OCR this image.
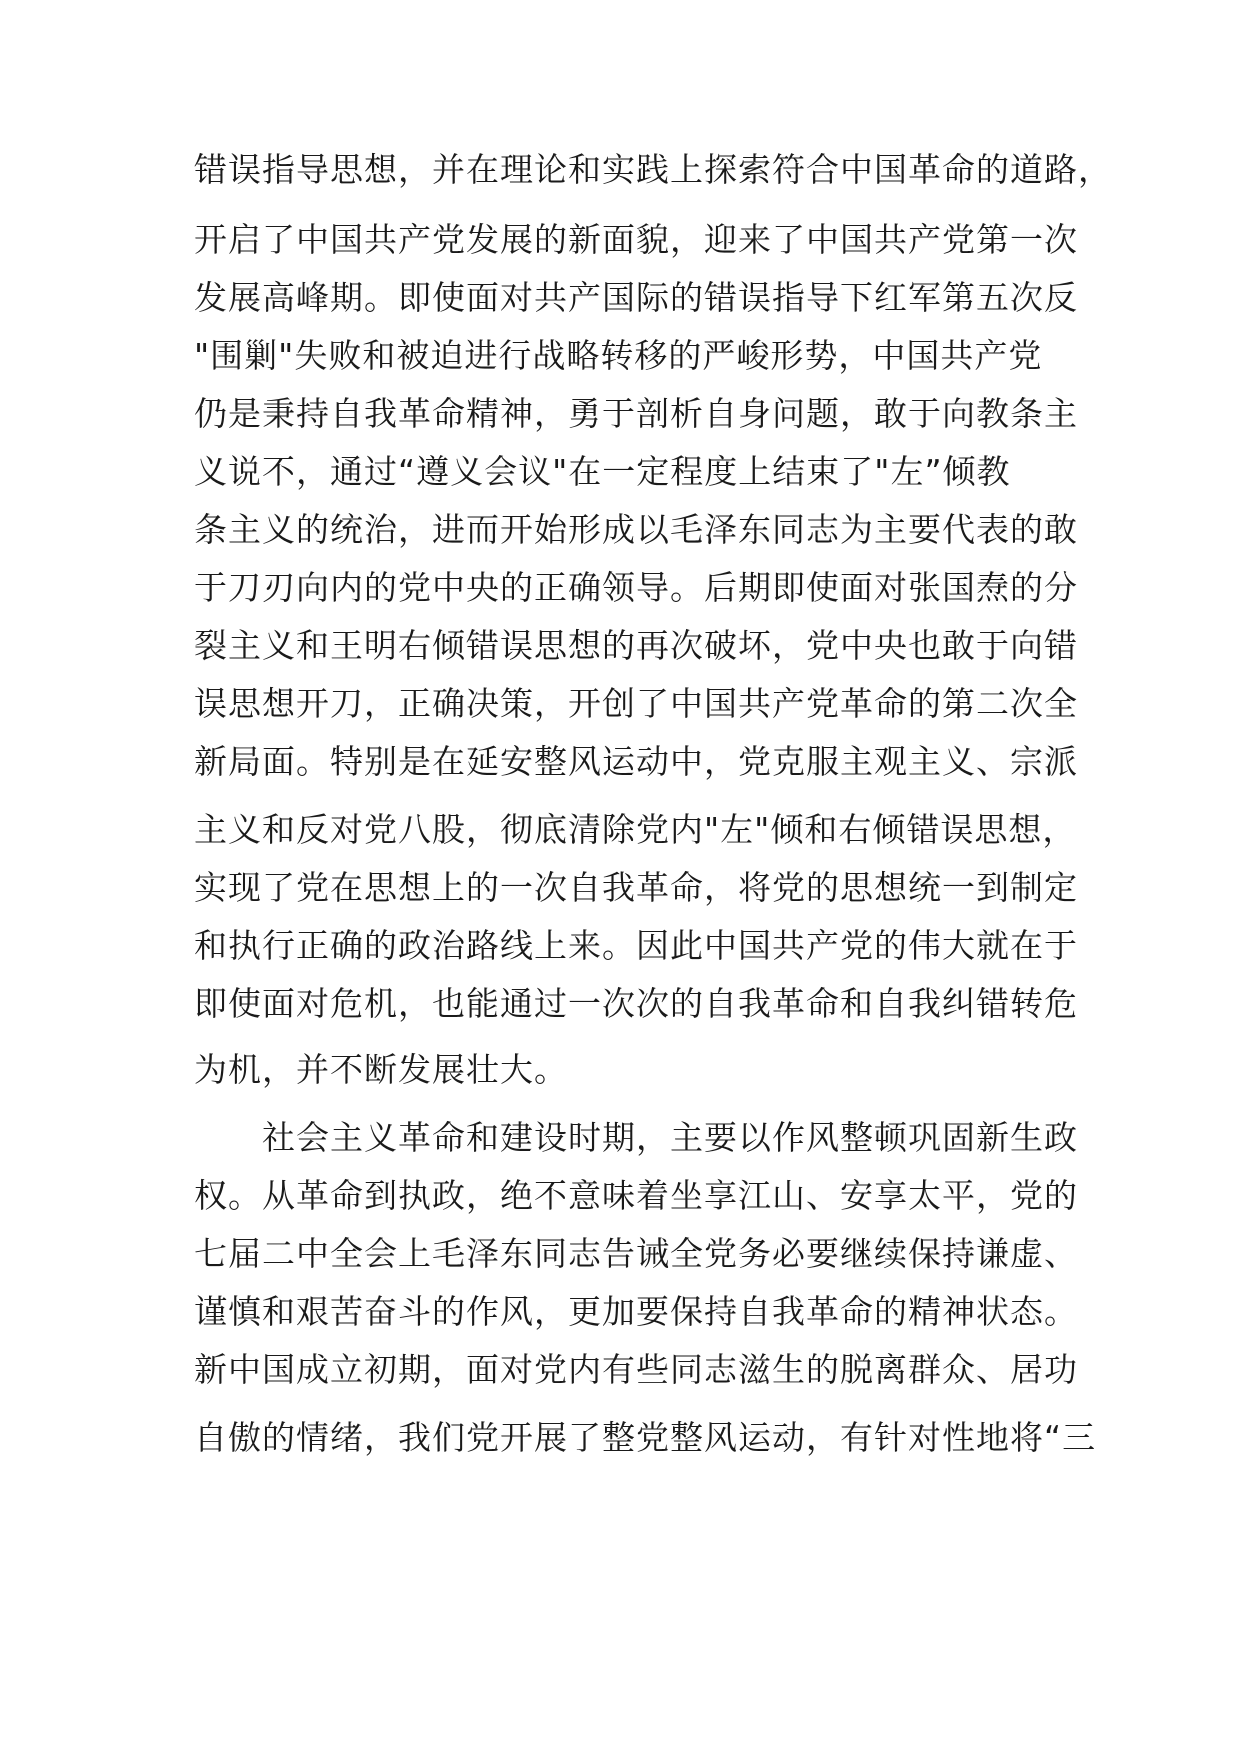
错误指导思想，并在理论和实践上探索符合中国革命的道路，
开启了中国共产党发展的新面貌，迎来了中国共产党第一次
发展高峰期。即使面对共产国际的错误指导下红军第五次反
"围剿"失败和被迫进行战略转移的严峻形势，中国共产党
仍是秉持自我革命精神，勇于剖析自身问题，敢于向教条主
义说不，通过“遵义会议"在一定程度上结束了"左”倾教
条主义的统治，进而开始形成以毛泽东同志为主要代表的敢
于刀刃向内的党中央的正确领导。后期即使面对张国焘的分
裂主义和王明右倾错误思想的再次破坏，党中央也敢于向错
误思想开刀，正确决策，开创了中国共产党革命的第二次全
新局面。特别是在延安整风运动中，党克服主观主义、宗派
主义和反对党八股，彻底清除党内"左"倾和右倾错误思想，
实现了党在思想上的一次自我革命，将党的思想统一到制定
和执行正确的政治路线上来。因此中国共产党的伟大就在于
即使面对危机，也能通过一次次的自我革命和自我纠错转危
为机，并不断发展壮大。
社会主义革命和建设时期，主要以作风整顿巩固新生政
权。从革命到执政，绝不意味着坐享江山、安享太平，党的
七届二中全会上毛泽东同志告诫全党务必要继续保持谦虚、
谨慎和艰苦奋斗的作风，更加要保持自我革命的精神状态。
新中国成立初期，面对党内有些同志滋生的脱离群众、居功
自傲的情绪，我们党开展了整党整风运动，有针对性地将“三
